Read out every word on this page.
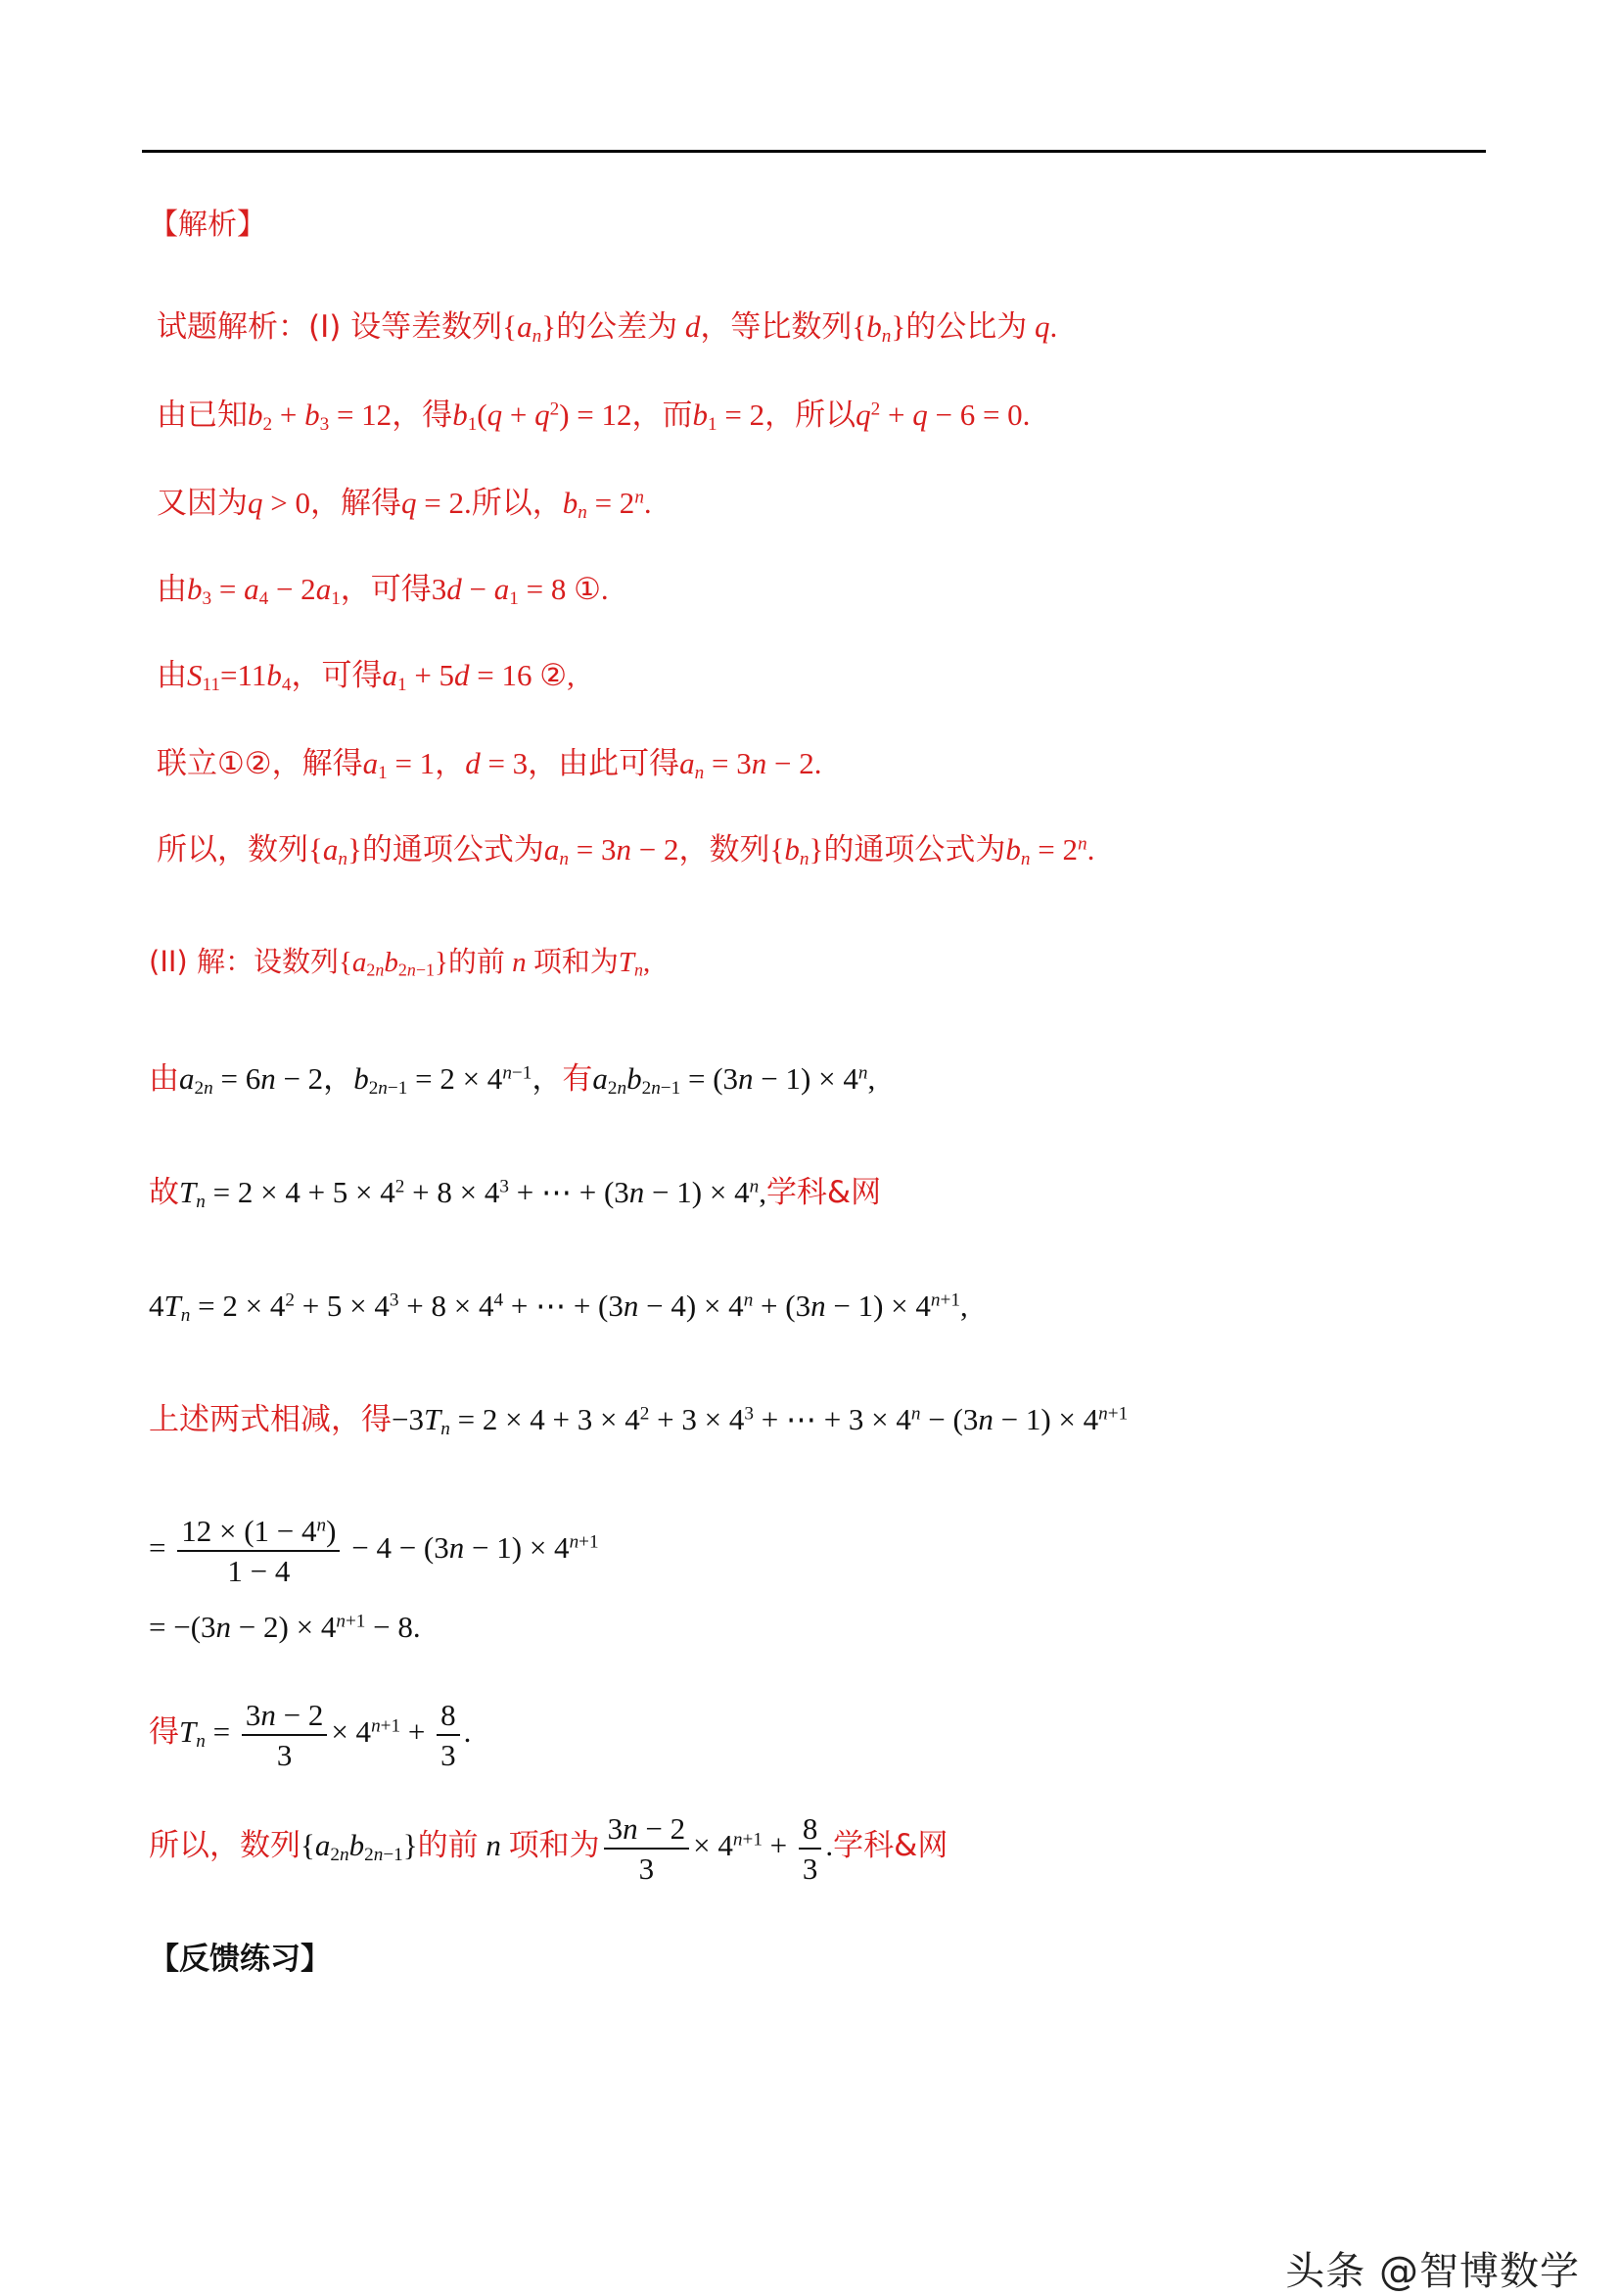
【解析】
试题解析：(I) 设等差数列$\{a_n\}$的公差为 d，等比数列$\{b_n\}$的公比为 q.
由已知$b_2 + b_3 = 12$，得$b_1(q + q^2) = 12$，而$b_1 = 2$，所以$q^2 + q - 6 = 0$.
又因为q > 0，解得q = 2.所以，$b_n = 2^n$.
由$b_3 = a_4 - 2a_1$，可得$3d - a_1 = 8$ ①.
由$S_{11}=11b_4$，可得$a_1 + 5d = 16$ ②,
联立①②，解得$a_1 = 1$，d = 3，由此可得$a_n = 3n - 2$.
所以，数列$\{a_n\}$的通项公式为$a_n = 3n - 2$，数列$\{b_n\}$的通项公式为$b_n = 2^n$.
(II) 解：设数列$\{a_{2n}b_{2n-1}\}$的前 n 项和为$T_n$,
由$a_{2n} = 6n - 2$，$b_{2n-1} = 2 \times 4^{n-1}$，有$a_{2n}b_{2n-1} = (3n - 1) \times 4^n$,
故$T_n = 2 \times 4 + 5 \times 4^2 + 8 \times 4^3$ + ⋯ + $(3n - 1) \times 4^n$,学科&网
$4T_n = 2 \times 4^2 + 5 \times 4^3 + 8 \times 4^4$ + ⋯ + $(3n - 4) \times 4^n + (3n - 1) \times 4^{n+1}$,
上述两式相减，得$-3T_n = 2 \times 4 + 3 \times 4^2 + 3 \times 4^3$ + ⋯ + $3 \times 4^n - (3n - 1) \times 4^{n+1}$
= $\frac{12 \times (1 - 4^n)}{1 - 4} - 4 - (3n - 1) \times 4^{n+1}$
= $-(3n - 2) \times 4^{n+1} - 8$.
得$T_n = \frac{3n - 2}{3} \times 4^{n+1} + \frac{8}{3}$ .
所以，数列$\{a_{2n}b_{2n-1}\}$的前 n 项和为 $\frac{3n - 2}{3} \times 4^{n+1} + \frac{8}{3}$ .学科&网
【反馈练习】
头条 @智博数学
